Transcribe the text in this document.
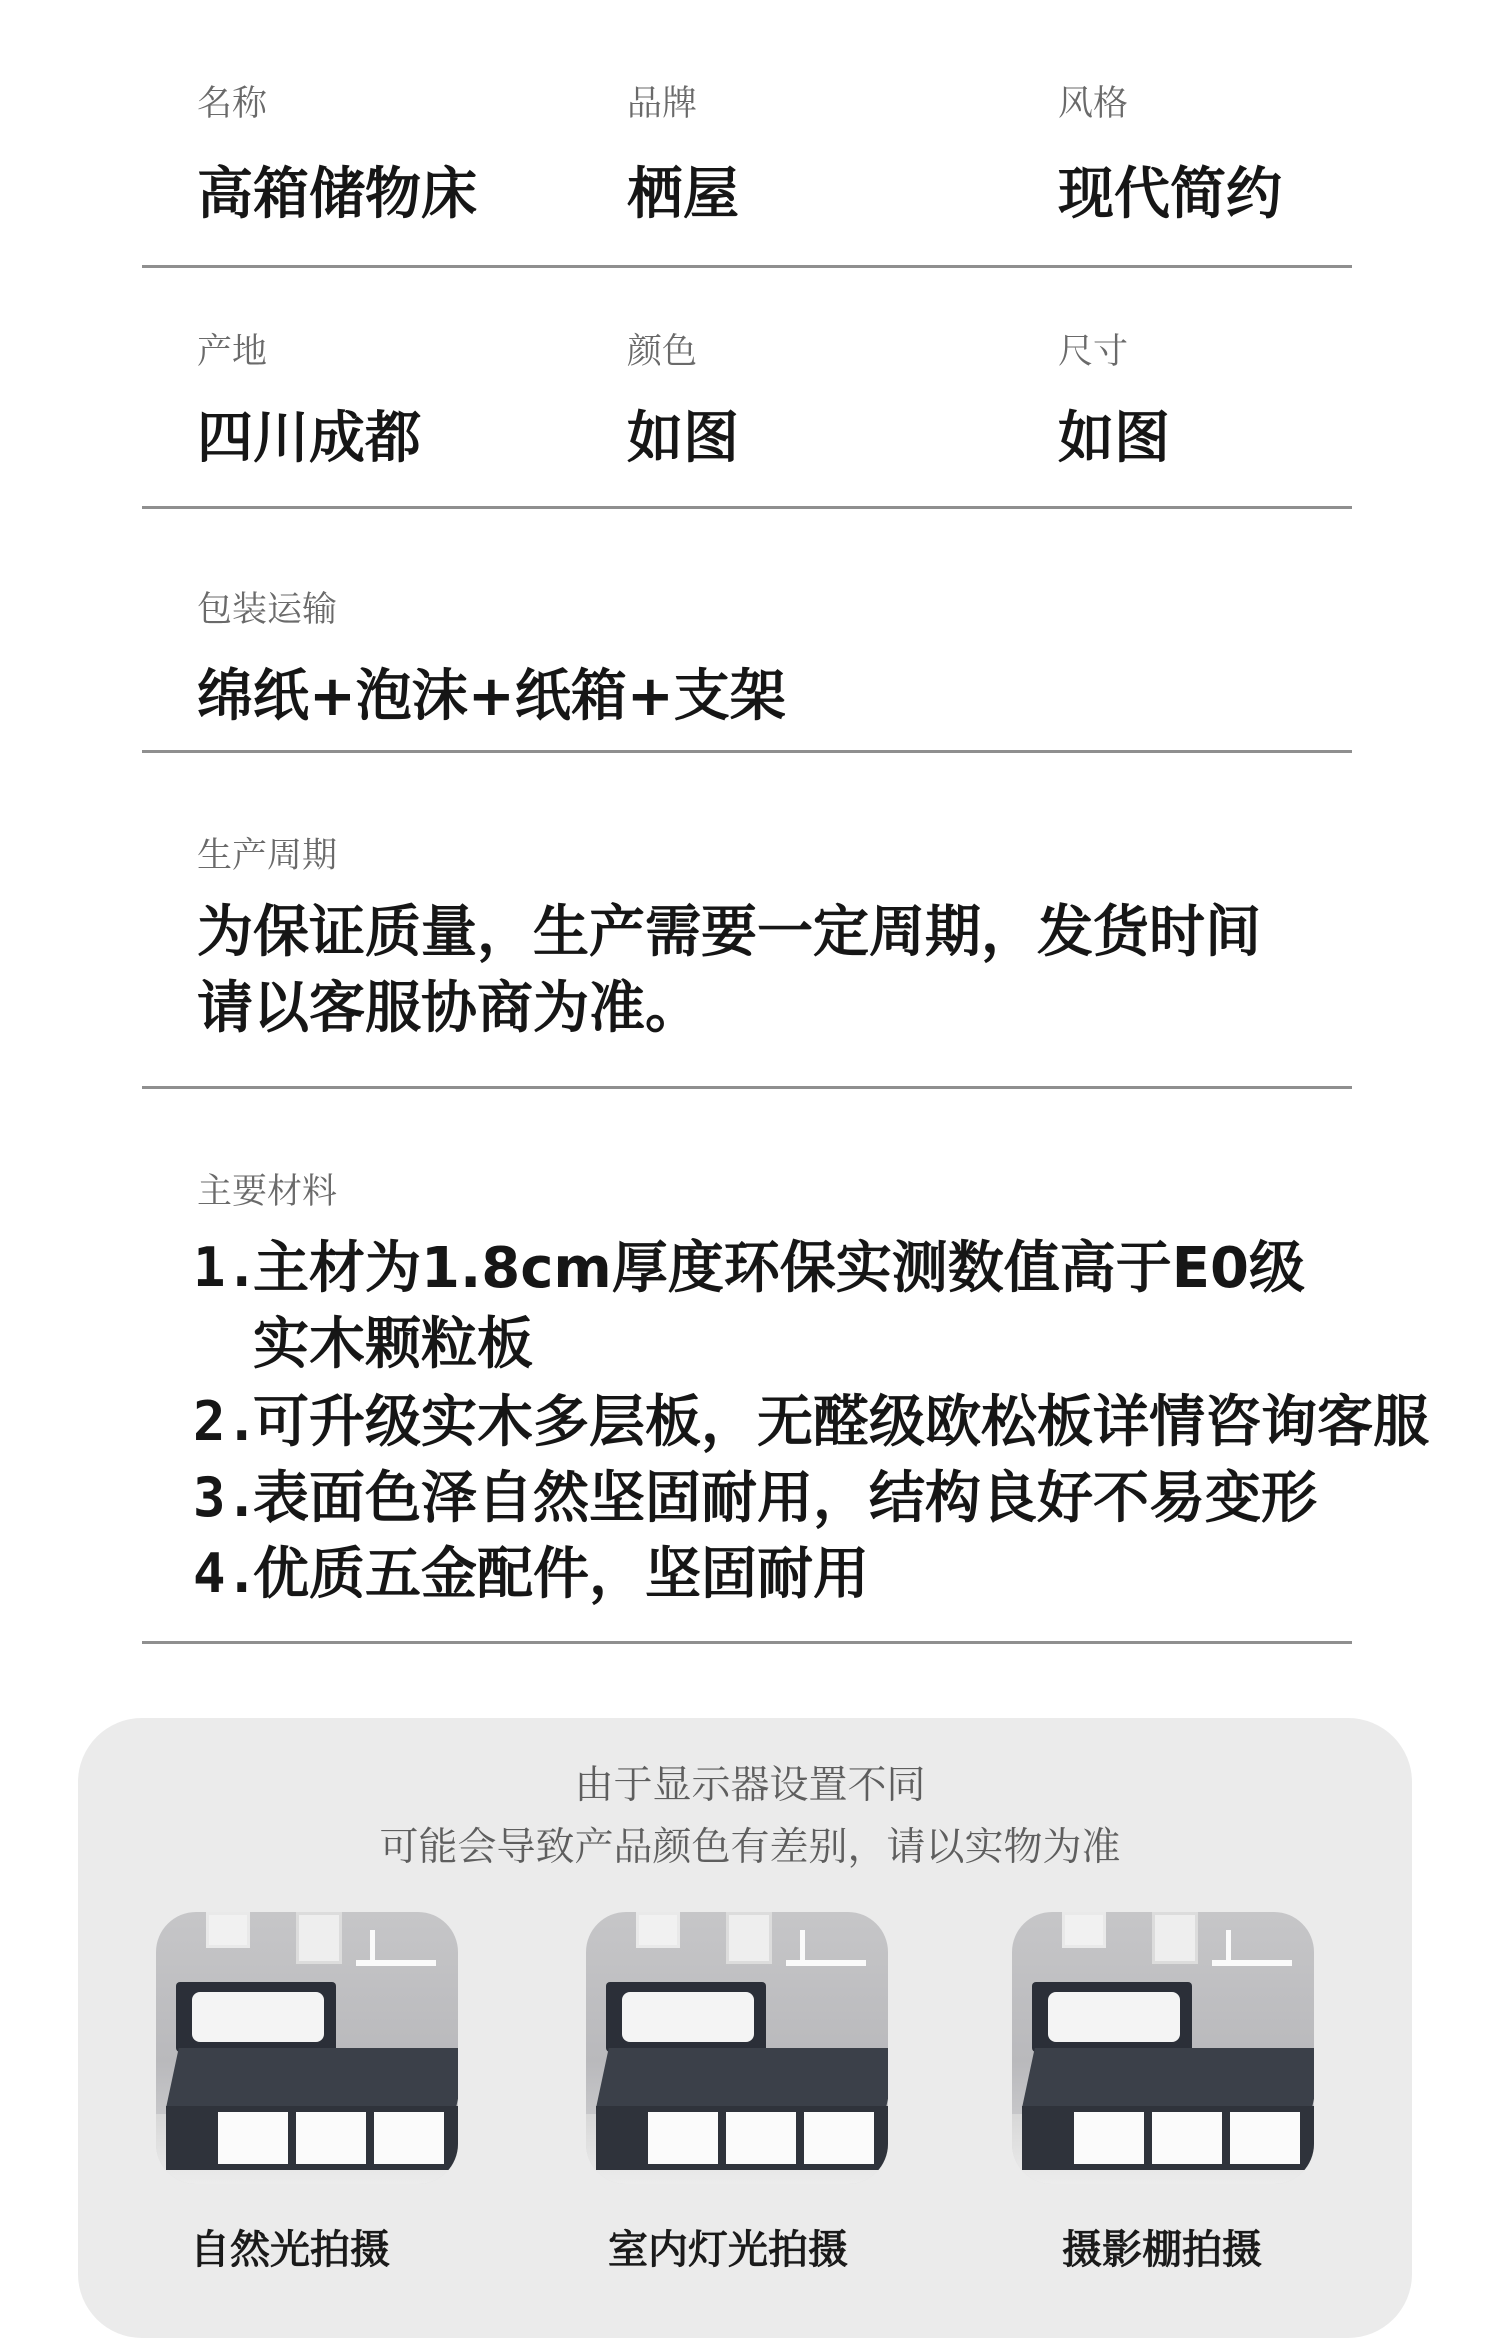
名称
高箱储物床
品牌
栖屋
风格
现代简约
产地
四川成都
颜色
如图
尺寸
如图
包装运输
绵纸+泡沫+纸箱+支架
生产周期
为保证质量，生产需要一定周期，发货时间
请以客服协商为准。
主要材料
1.
主材为1.8cm厚度环保实测数值高于E0级
实木颗粒板
2.
可升级实木多层板，无醛级欧松板详情咨询客服
3.
表面色泽自然坚固耐用，结构良好不易变形
4.
优质五金配件，坚固耐用
由于显示器设置不同
可能会导致产品颜色有差别，请以实物为准
自然光拍摄	室内灯光拍摄	摄影棚拍摄
